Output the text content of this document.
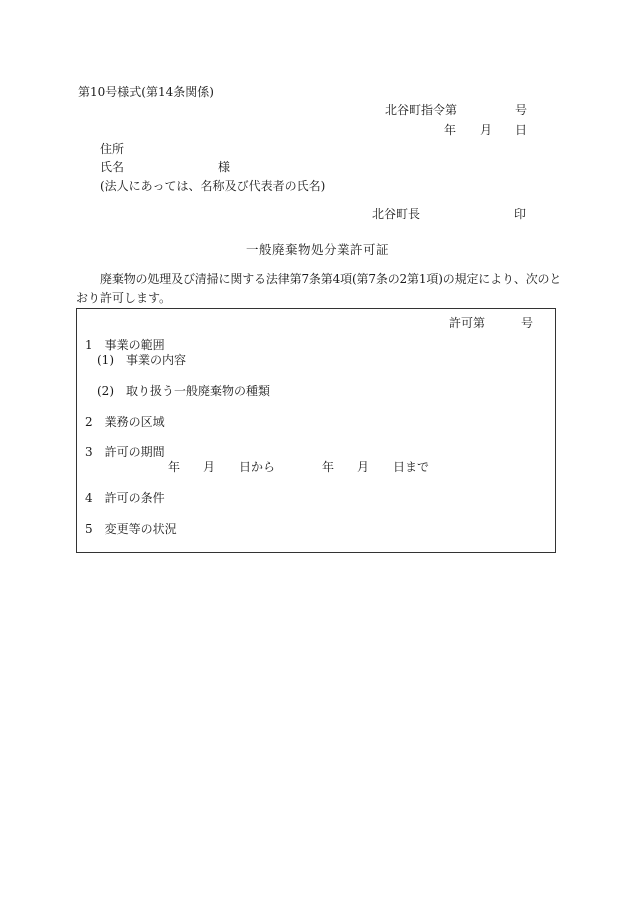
第10号様式(第14条関係)
北谷町指令第	号
年 月 日
住所
氏名	様
(法人にあっては、名称及び代表者の氏名)
北谷町長	印
一般廃棄物処分業許可証
廃棄物の処理及び清掃に関する法律第7条第4項(第7条の2第1項)の規定により、次のと
おり許可します。
許可第	号
1　事業の範囲
(1)　事業の内容
(2)　取り扱う一般廃棄物の種類
2　業務の区域
3　許可の期間
年 月 日から	年 月 日まで
4　許可の条件
5　変更等の状況
